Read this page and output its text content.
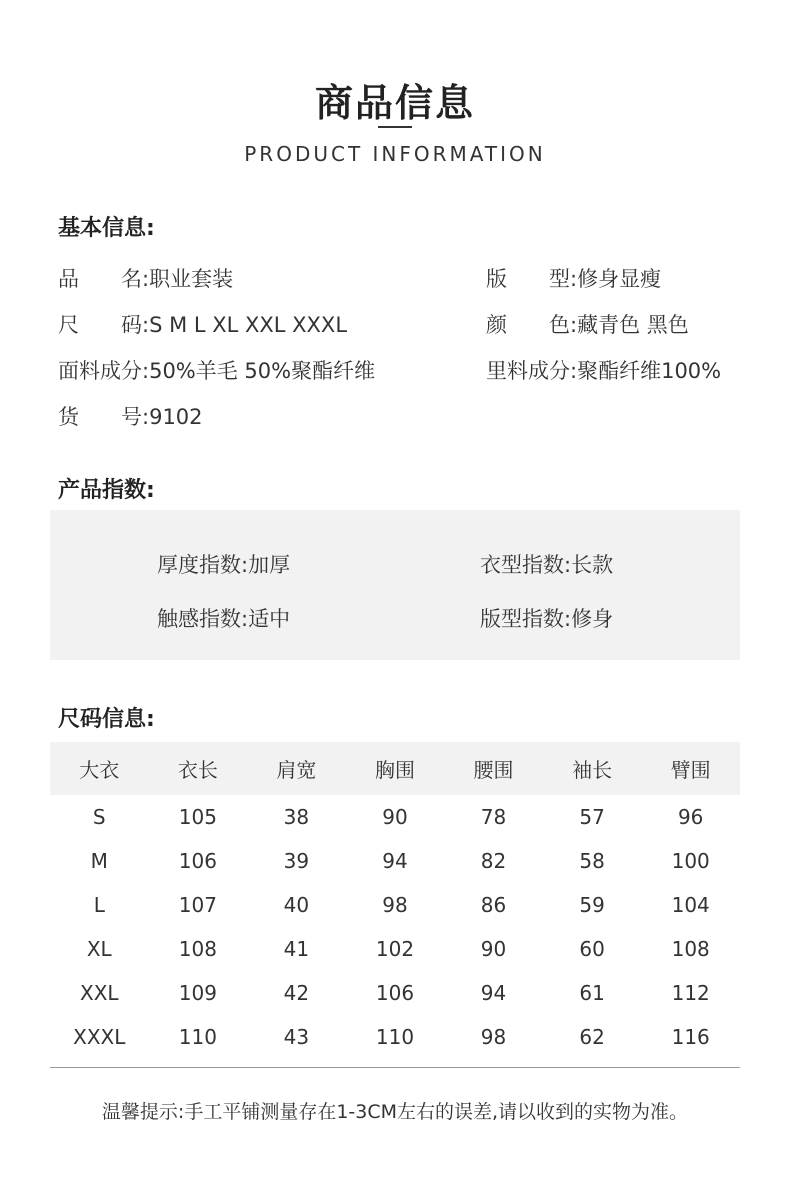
商品信息
PRODUCT INFORMATION
基本信息:
品　　名:职业套装	版　　型:修身显瘦
尺　　码:S M L XL XXL XXXL	颜　　色:藏青色 黑色
面料成分:50%羊毛 50%聚酯纤维	里料成分:聚酯纤维100%
货　　号:9102
产品指数:
厚度指数:加厚	衣型指数:长款
触感指数:适中	版型指数:修身
尺码信息:
大衣	衣长	肩宽	胸围	腰围	袖长	臂围
S	105	38	90	78	57	96
M	106	39	94	82	58	100
L	107	40	98	86	59	104
XL	108	41	102	90	60	108
XXL	109	42	106	94	61	112
XXXL	110	43	110	98	62	116
温馨提示:手工平铺测量存在1-3CM左右的误差,请以收到的实物为准。
